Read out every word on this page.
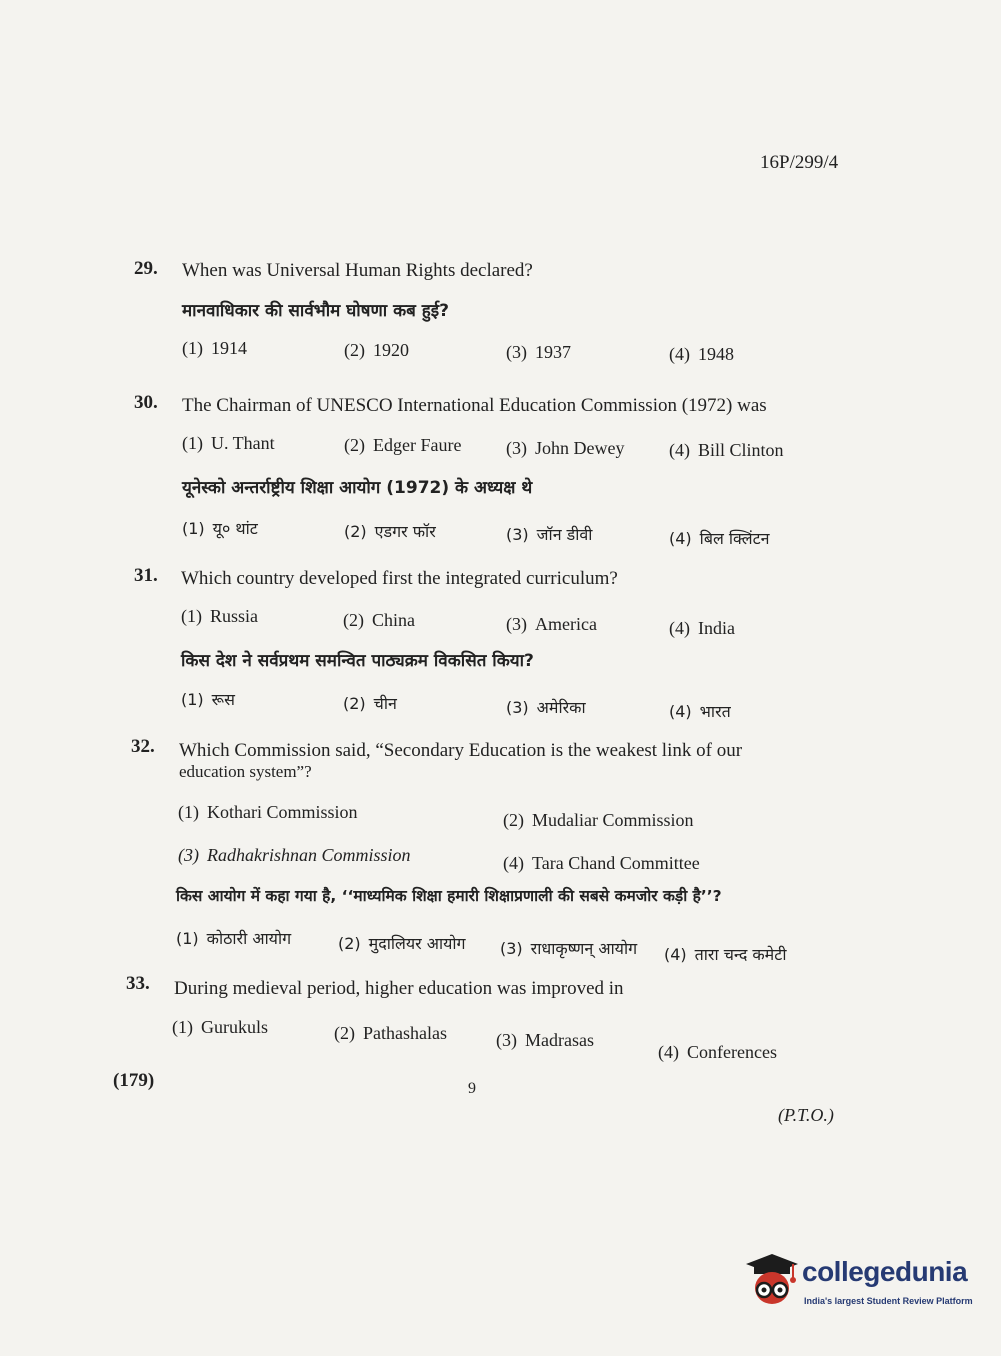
16P/299/4
29. When was Universal Human Rights declared?
मानवाधिकार की सार्वभौम घोषणा कब हुई?
(1) 1914	(2) 1920	(3) 1937	(4) 1948
30. The Chairman of UNESCO International Education Commission (1972) was
(1) U. Thant	(2) Edger Faure (3) John Dewey (4) Bill Clinton
यूनेस्को अन्तर्राष्ट्रीय शिक्षा आयोग (1972) के अध्यक्ष थे
(1) यू० थांट	(2) एडगर फॉर	(3) जॉन डीवी	(4) बिल क्लिंटन
31. Which country developed first the integrated curriculum?
(1) Russia	(2) China	(3) America	(4) India
किस देश ने सर्वप्रथम समन्वित पाठ्यक्रम विकसित किया?
(1) रूस	(2) चीन	(3) अमेरिका	(4) भारत
32. Which Commission said, “Secondary Education is the weakest link of our
education system”?
(1) Kothari Commission	(2) Mudaliar Commission
(3) Radhakrishnan Commission	(4) Tara Chand Committee
किस आयोग में कहा गया है, ‘‘माध्यमिक शिक्षा हमारी शिक्षाप्रणाली की सबसे कमजोर कड़ी है’’?
(1) कोठारी आयोग	(2) मुदालियर आयोग (3) राधाकृष्णन् आयोग (4) तारा चन्द कमेटी
33. During medieval period, higher education was improved in
(1) Gurukuls	(2) Pathashalas	(3) Madrasas
(4) Conferences
(179)	9
(P.T.O.)
collegedunia
India's largest Student Review Platform
